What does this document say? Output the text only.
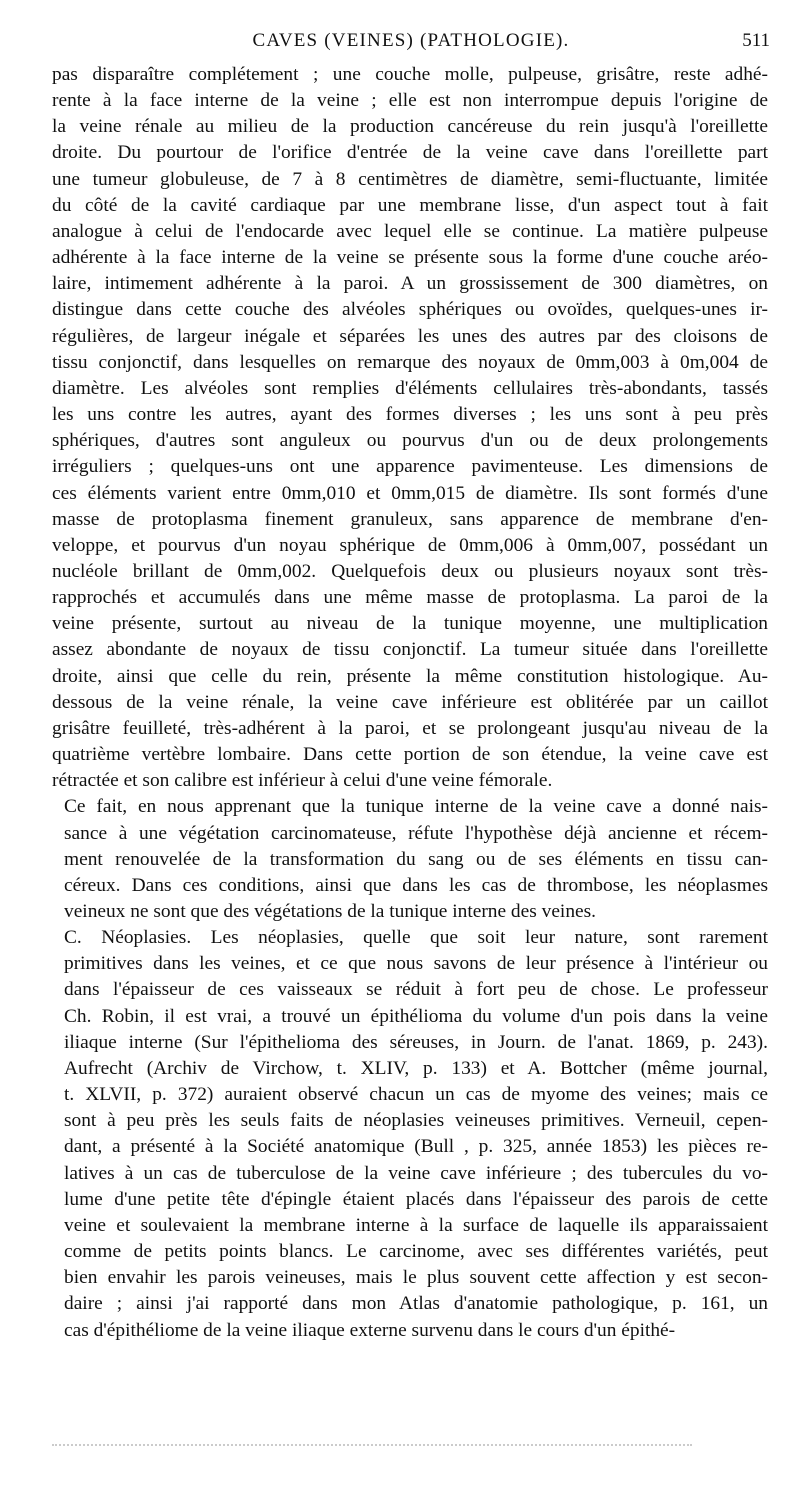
CAVES (VEINES) (PATHOLOGIE).	511

pas disparaître complétement ; une couche molle, pulpeuse, grisâtre, reste adhé-
rente à la face interne de la veine ; elle est non interrompue depuis l'origine de
la veine rénale au milieu de la production cancéreuse du rein jusqu'à l'oreillette
droite. Du pourtour de l'orifice d'entrée de la veine cave dans l'oreillette part
une tumeur globuleuse, de 7 à 8 centimètres de diamètre, semi-fluctuante, limitée
du côté de la cavité cardiaque par une membrane lisse, d'un aspect tout à fait
analogue à celui de l'endocarde avec lequel elle se continue. La matière pulpeuse
adhérente à la face interne de la veine se présente sous la forme d'une couche aréo-
laire, intimement adhérente à la paroi. A un grossissement de 300 diamètres, on
distingue dans cette couche des alvéoles sphériques ou ovoïdes, quelques-unes ir-
régulières, de largeur inégale et séparées les unes des autres par des cloisons de
tissu conjonctif, dans lesquelles on remarque des noyaux de 0mm,003 à 0m,004 de
diamètre. Les alvéoles sont remplies d'éléments cellulaires très-abondants, tassés
les uns contre les autres, ayant des formes diverses ; les uns sont à peu près
sphériques, d'autres sont anguleux ou pourvus d'un ou de deux prolongements
irréguliers ; quelques-uns ont une apparence pavimenteuse. Les dimensions de
ces éléments varient entre 0mm,010 et 0mm,015 de diamètre. Ils sont formés d'une
masse de protoplasma finement granuleux, sans apparence de membrane d'en-
veloppe, et pourvus d'un noyau sphérique de 0mm,006 à 0mm,007, possédant un
nucléole brillant de 0mm,002. Quelquefois deux ou plusieurs noyaux sont très-
rapprochés et accumulés dans une même masse de protoplasma. La paroi de la
veine présente, surtout au niveau de la tunique moyenne, une multiplication
assez abondante de noyaux de tissu conjonctif. La tumeur située dans l'oreillette
droite, ainsi que celle du rein, présente la même constitution histologique. Au-
dessous de la veine rénale, la veine cave inférieure est oblitérée par un caillot
grisâtre feuilleté, très-adhérent à la paroi, et se prolongeant jusqu'au niveau de la
quatrième vertèbre lombaire. Dans cette portion de son étendue, la veine cave est
rétractée et son calibre est inférieur à celui d'une veine fémorale.

Ce fait, en nous apprenant que la tunique interne de la veine cave a donné nais-
sance à une végétation carcinomateuse, réfute l'hypothèse déjà ancienne et récem-
ment renouvelée de la transformation du sang ou de ses éléments en tissu can-
céreux. Dans ces conditions, ainsi que dans les cas de thrombose, les néoplasmes
veineux ne sont que des végétations de la tunique interne des veines.

C. Néoplasies. Les néoplasies, quelle que soit leur nature, sont rarement
primitives dans les veines, et ce que nous savons de leur présence à l'intérieur ou
dans l'épaisseur de ces vaisseaux se réduit à fort peu de chose. Le professeur
Ch. Robin, il est vrai, a trouvé un épithélioma du volume d'un pois dans la veine
iliaque interne (Sur l'épithelioma des séreuses, in Journ. de l'anat. 1869, p. 243).
Aufrecht (Archiv de Virchow, t. XLIV, p. 133) et A. Bottcher (même journal,
t. XLVII, p. 372) auraient observé chacun un cas de myome des veines; mais ce
sont à peu près les seuls faits de néoplasies veineuses primitives. Verneuil, cepen-
dant, a présenté à la Société anatomique (Bull , p. 325, année 1853) les pièces re-
latives à un cas de tuberculose de la veine cave inférieure ; des tubercules du vo-
lume d'une petite tête d'épingle étaient placés dans l'épaisseur des parois de cette
veine et soulevaient la membrane interne à la surface de laquelle ils apparaissaient
comme de petits points blancs. Le carcinome, avec ses différentes variétés, peut
bien envahir les parois veineuses, mais le plus souvent cette affection y est secon-
daire ; ainsi j'ai rapporté dans mon Atlas d'anatomie pathologique, p. 161, un
cas d'épithéliome de la veine iliaque externe survenu dans le cours d'un épithé-
